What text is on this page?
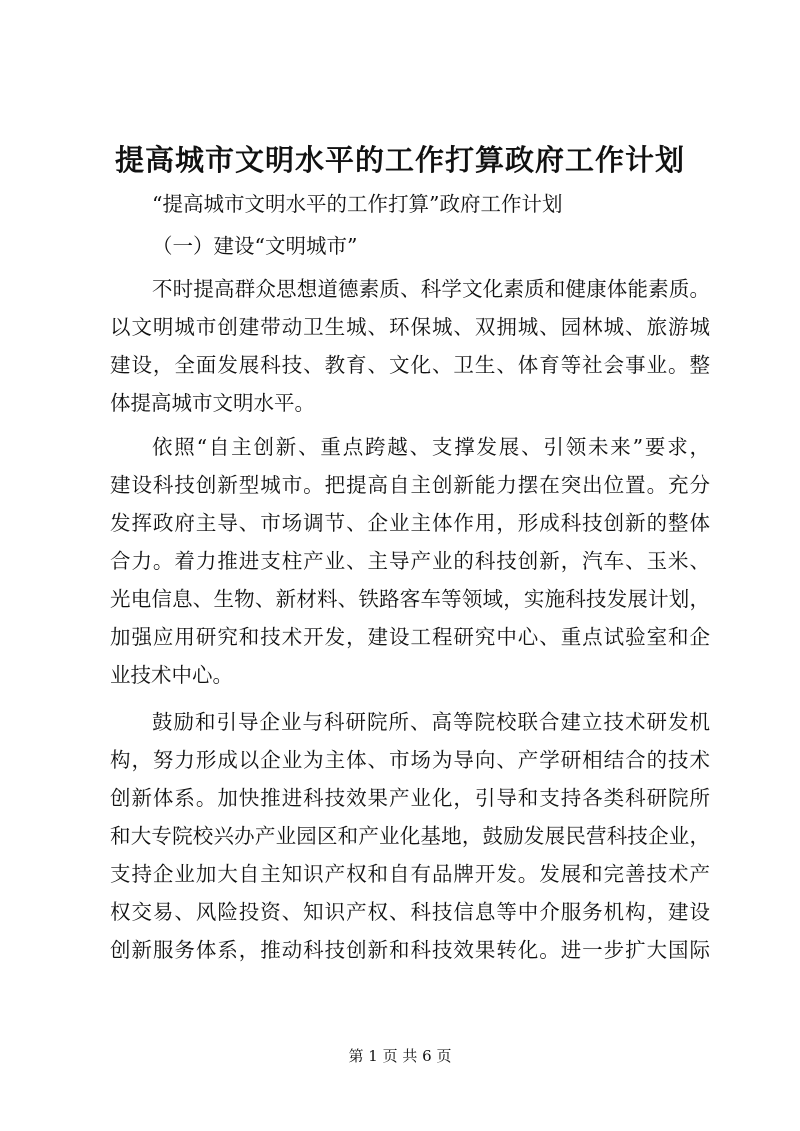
提高城市文明水平的工作打算政府工作计划
“提高城市文明水平的工作打算”政府工作计划
（一）建设“文明城市”
不时提高群众思想道德素质、科学文化素质和健康体能素质。
以文明城市创建带动卫生城、环保城、双拥城、园林城、旅游城
建设，全面发展科技、教育、文化、卫生、体育等社会事业。整
体提高城市文明水平。
依照“自主创新、重点跨越、支撑发展、引领未来”要求，
建设科技创新型城市。把提高自主创新能力摆在突出位置。充分
发挥政府主导、市场调节、企业主体作用，形成科技创新的整体
合力。着力推进支柱产业、主导产业的科技创新，汽车、玉米、
光电信息、生物、新材料、铁路客车等领域，实施科技发展计划，
加强应用研究和技术开发，建设工程研究中心、重点试验室和企
业技术中心。
鼓励和引导企业与科研院所、高等院校联合建立技术研发机
构，努力形成以企业为主体、市场为导向、产学研相结合的技术
创新体系。加快推进科技效果产业化，引导和支持各类科研院所
和大专院校兴办产业园区和产业化基地，鼓励发展民营科技企业，
支持企业加大自主知识产权和自有品牌开发。发展和完善技术产
权交易、风险投资、知识产权、科技信息等中介服务机构，建设
创新服务体系，推动科技创新和科技效果转化。进一步扩大国际
第 1 页 共 6 页
